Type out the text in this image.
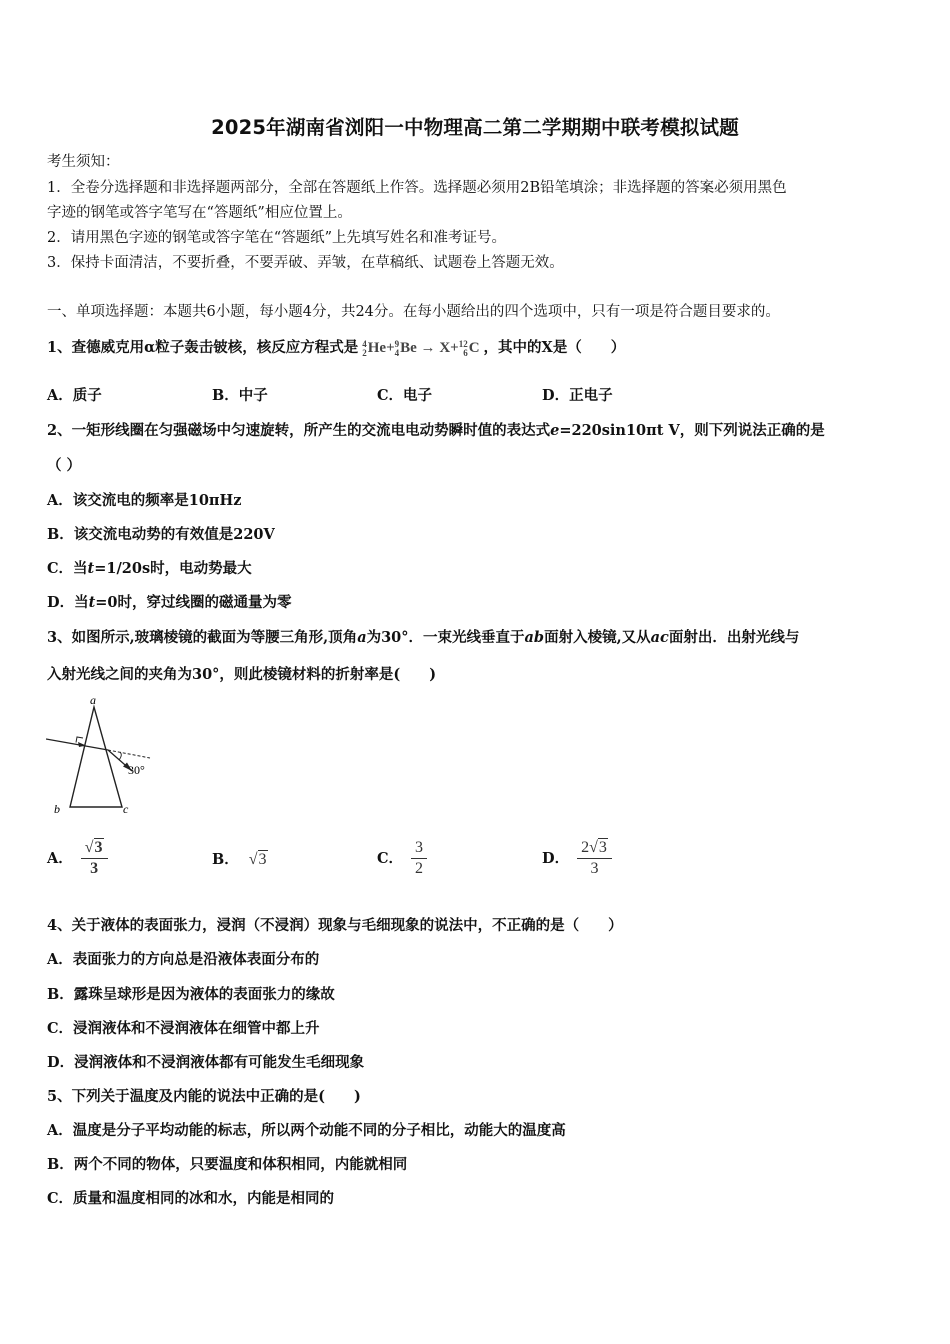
2025年湖南省浏阳一中物理高二第二学期期中联考模拟试题
考生须知：
1．全卷分选择题和非选择题两部分，全部在答题纸上作答。选择题必须用2B铅笔填涂；非选择题的答案必须用黑色
字迹的钢笔或答字笔写在“答题纸”相应位置上。
2．请用黑色字迹的钢笔或答字笔在“答题纸”上先填写姓名和准考证号。
3．保持卡面清洁，不要折叠，不要弄破、弄皱，在草稿纸、试题卷上答题无效。
一、单项选择题：本题共6小题，每小题4分，共24分。在每小题给出的四个选项中，只有一项是符合题目要求的。
1、查德威克用α粒子轰击铍核，核反应方程式是 4
2 He+ 9
4 Be → X+ 12
6 C ，其中的X是（　　）
A．质子	B．中子	C．电子	D．正电子
2、一矩形线圈在匀强磁场中匀速旋转，所产生的交流电电动势瞬时值的表达式e=220sin10πt V，则下列说法正确的是
（ ）
A．该交流电的频率是10πHz
B．该交流电动势的有效值是220V
C．当t=1/20s时，电动势最大
D．当t=0时，穿过线圈的磁通量为零
3、如图所示,玻璃棱镜的截面为等腰三角形,顶角a为30°．一束光线垂直于ab面射入棱镜,又从ac面射出．出射光线与
入射光线之间的夹角为30°，则此棱镜材料的折射率是(　　)
a
b	c
30°
A． $\frac{√3}{3}$	B． √3	C． $\frac{3}{2}$	D． $\frac{2√3}{3}$
4、关于液体的表面张力，浸润（不浸润）现象与毛细现象的说法中，不正确的是（　　）
A．表面张力的方向总是沿液体表面分布的
B．露珠呈球形是因为液体的表面张力的缘故
C．浸润液体和不浸润液体在细管中都上升
D．浸润液体和不浸润液体都有可能发生毛细现象
5、下列关于温度及内能的说法中正确的是(　　)
A．温度是分子平均动能的标志，所以两个动能不同的分子相比，动能大的温度高
B．两个不同的物体，只要温度和体积相同，内能就相同
C．质量和温度相同的冰和水，内能是相同的
